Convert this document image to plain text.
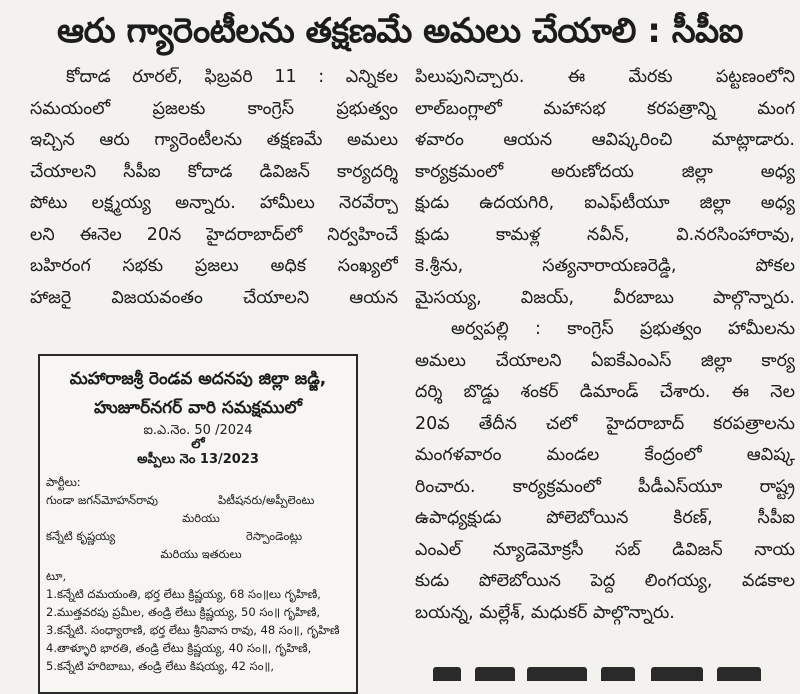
ఆరు గ్యారెంటీలను తక్షణమే అమలు చేయాలి : సీపీఐ
కోదాడ రూరల్, ఫిబ్రవరి 11 : ఎన్నికల
సమయంలో ప్రజలకు కాంగ్రెస్ ప్రభుత్వం
ఇచ్చిన ఆరు గ్యారెంటీలను తక్షణమే అమలు
చేయాలని సీపీఐ కోదాడ డివిజన్ కార్యదర్శి
పోటు లక్ష్మయ్య అన్నారు. హామీలు నెరవేర్చా
లని ఈనెల 20న హైదరాబాద్‌లో నిర్వహించే
బహిరంగ సభకు ప్రజలు అధిక సంఖ్యలో
హాజరై విజయవంతం చేయాలని ఆయన
మహారాజశ్రీ రెండవ అదనపు జిల్లా జడ్జి,
హుజూర్‌నగర్ వారి సమక్షములో
ఐ.ఎ.నెం. 50 /2024
లో
అప్పీలు నెం 13/2023
పార్టీలు:
గుండా జగన్‌మోహన్‌రావు	పిటీషనరు/అప్పీలెంటు
మరియు
కన్నేటి కృష్ణయ్య	రెస్పాండెంట్లు
మరియు ఇతరులు
టూ,
1.కన్నేటి దమయంతి, భర్త లేటు క్రిష్ణయ్య, 68 సం॥లు గృహిణి,
2.ముత్తవరపు ప్రమీల, తండ్రి లేటు క్రిష్ణయ్య, 50 సం॥ గృహిణి,
3.కన్నేటి. సంధ్యారాణి, భర్త లేటు శ్రీనివాస రావు, 48 సం॥, గృహిణి
4.తాళ్ళూరి భారతి, తండ్రి లేటు క్రిష్ణయ్య, 40 సం॥, గృహిణి,
5.కన్నేటి హరిబాబు, తండ్రి లేటు కిషయ్య, 42 సం॥,
పిలుపునిచ్చారు. ఈ మేరకు పట్టణంలోని
లాల్‌బంగ్లాలో మహాసభ కరపత్రాన్ని మంగ
ళవారం ఆయన ఆవిష్కరించి మాట్లాడారు.
కార్యక్రమంలో అరుణోదయ జిల్లా అధ్య
క్షుడు ఉదయగిరి, ఐఎఫ్‌టీయూ జిల్లా అధ్య
క్షుడు కామళ్ల నవీన్, వి.నరసింహారావు,
కె.శ్రీను, సత్యనారాయణరెడ్డి, పోకల
మైసయ్య, విజయ్, వీరబాబు పాల్గొన్నారు.
అర్వపల్లి : కాంగ్రెస్ ప్రభుత్వం హామీలను
అమలు చేయాలని ఏఐకేఎంఎస్ జిల్లా కార్య
దర్శి బొడ్డు శంకర్ డిమాండ్ చేశారు. ఈ నెల
20వ తేదీన చలో హైదరాబాద్ కరపత్రాలను
మంగళవారం మండల కేంద్రంలో ఆవిష్క
రించారు. కార్యక్రమంలో పీడీఎస్‌యూ రాష్ట్ర
ఉపాధ్యక్షుడు పోలెబోయిన కిరణ్, సీపీఐ
ఎంఎల్ న్యూడెమోక్రసీ సబ్ డివిజన్ నాయ
కుడు పోలెబోయిన పెద్ద లింగయ్య, వడకాల
బయన్న, మల్లేశ్, మధుకర్ పాల్గొన్నారు.
